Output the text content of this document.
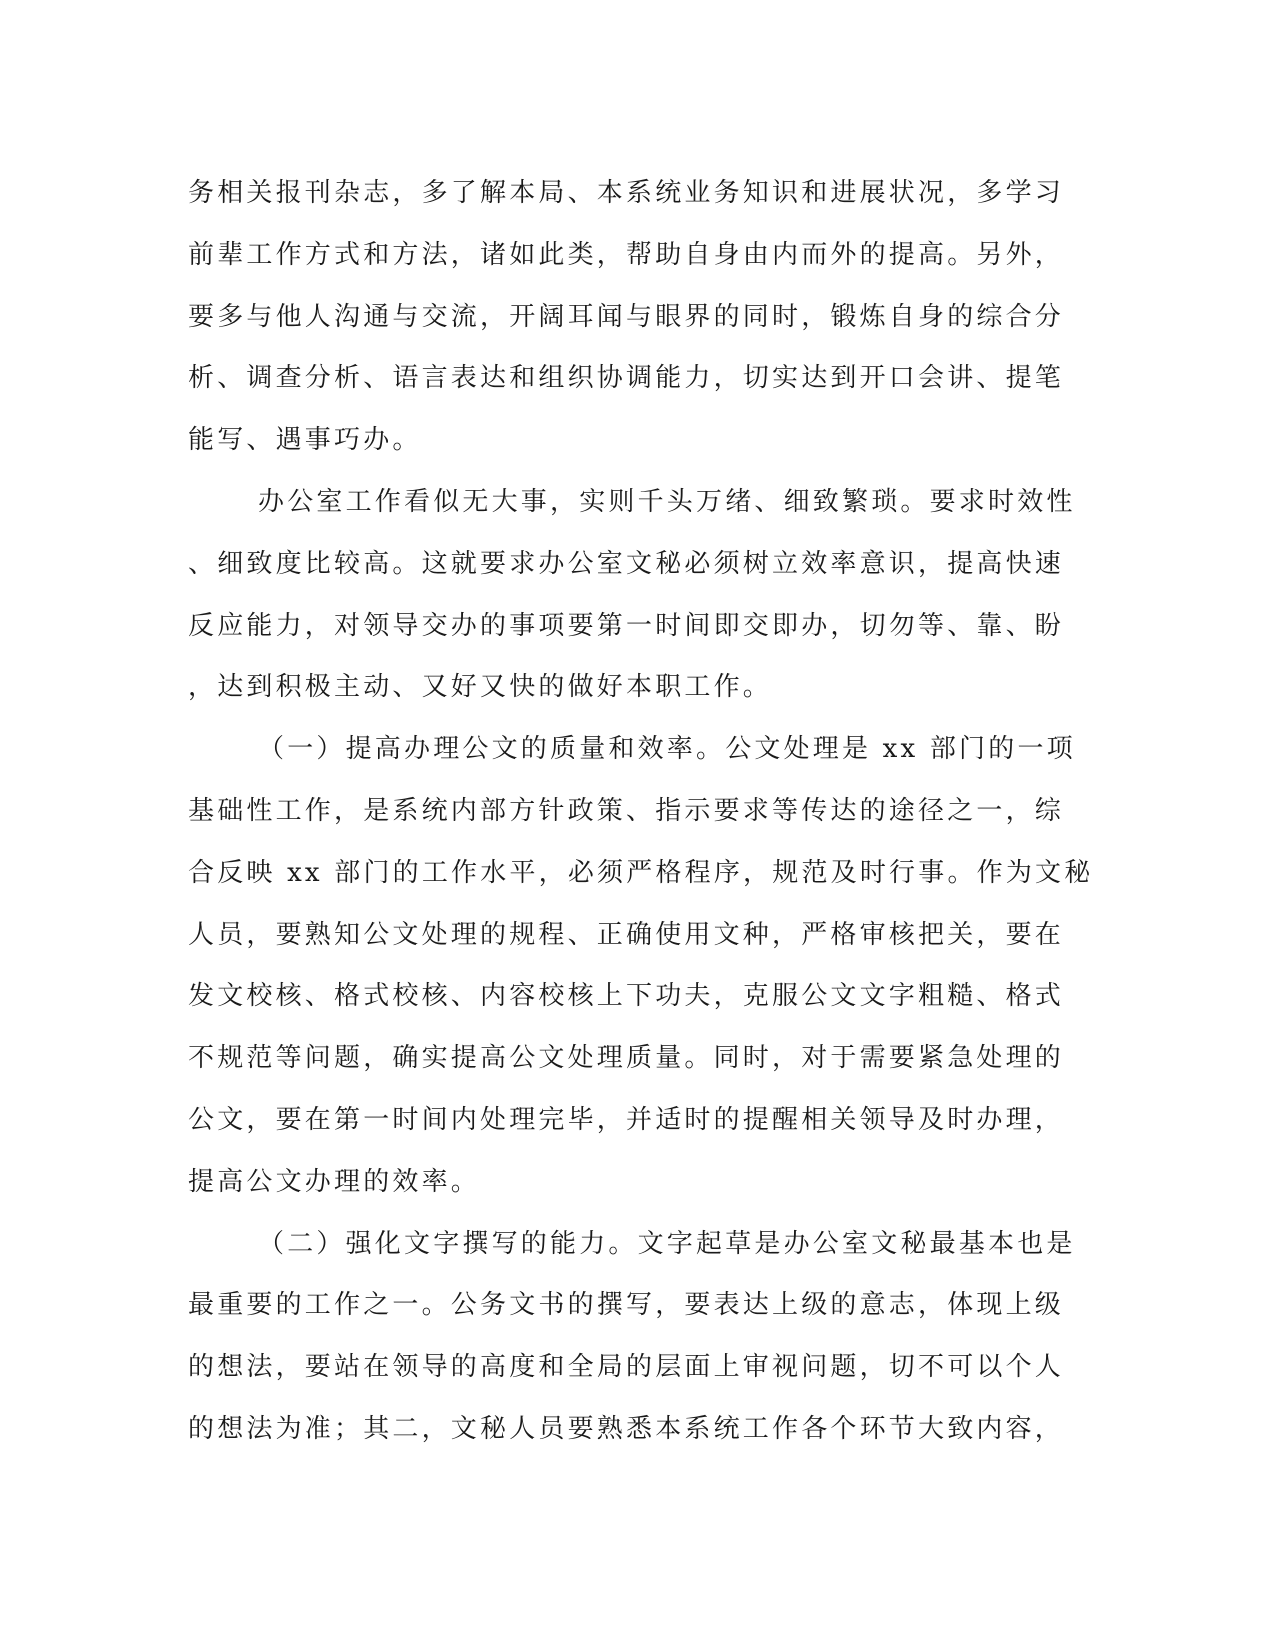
务相关报刊杂志，多了解本局、本系统业务知识和进展状况，多学习
前辈工作方式和方法，诸如此类，帮助自身由内而外的提高。另外，
要多与他人沟通与交流，开阔耳闻与眼界的同时，锻炼自身的综合分
析、调查分析、语言表达和组织协调能力，切实达到开口会讲、提笔
能写、遇事巧办。
办公室工作看似无大事，实则千头万绪、细致繁琐。要求时效性
、细致度比较高。这就要求办公室文秘必须树立效率意识，提高快速
反应能力，对领导交办的事项要第一时间即交即办，切勿等、靠、盼
，达到积极主动、又好又快的做好本职工作。
（一）提高办理公文的质量和效率。公文处理是 xx 部门的一项
基础性工作，是系统内部方针政策、指示要求等传达的途径之一，综
合反映 xx 部门的工作水平，必须严格程序，规范及时行事。作为文秘
人员，要熟知公文处理的规程、正确使用文种，严格审核把关，要在
发文校核、格式校核、内容校核上下功夫，克服公文文字粗糙、格式
不规范等问题，确实提高公文处理质量。同时，对于需要紧急处理的
公文，要在第一时间内处理完毕，并适时的提醒相关领导及时办理，
提高公文办理的效率。
（二）强化文字撰写的能力。文字起草是办公室文秘最基本也是
最重要的工作之一。公务文书的撰写，要表达上级的意志，体现上级
的想法，要站在领导的高度和全局的层面上审视问题，切不可以个人
的想法为准；其二，文秘人员要熟悉本系统工作各个环节大致内容，
